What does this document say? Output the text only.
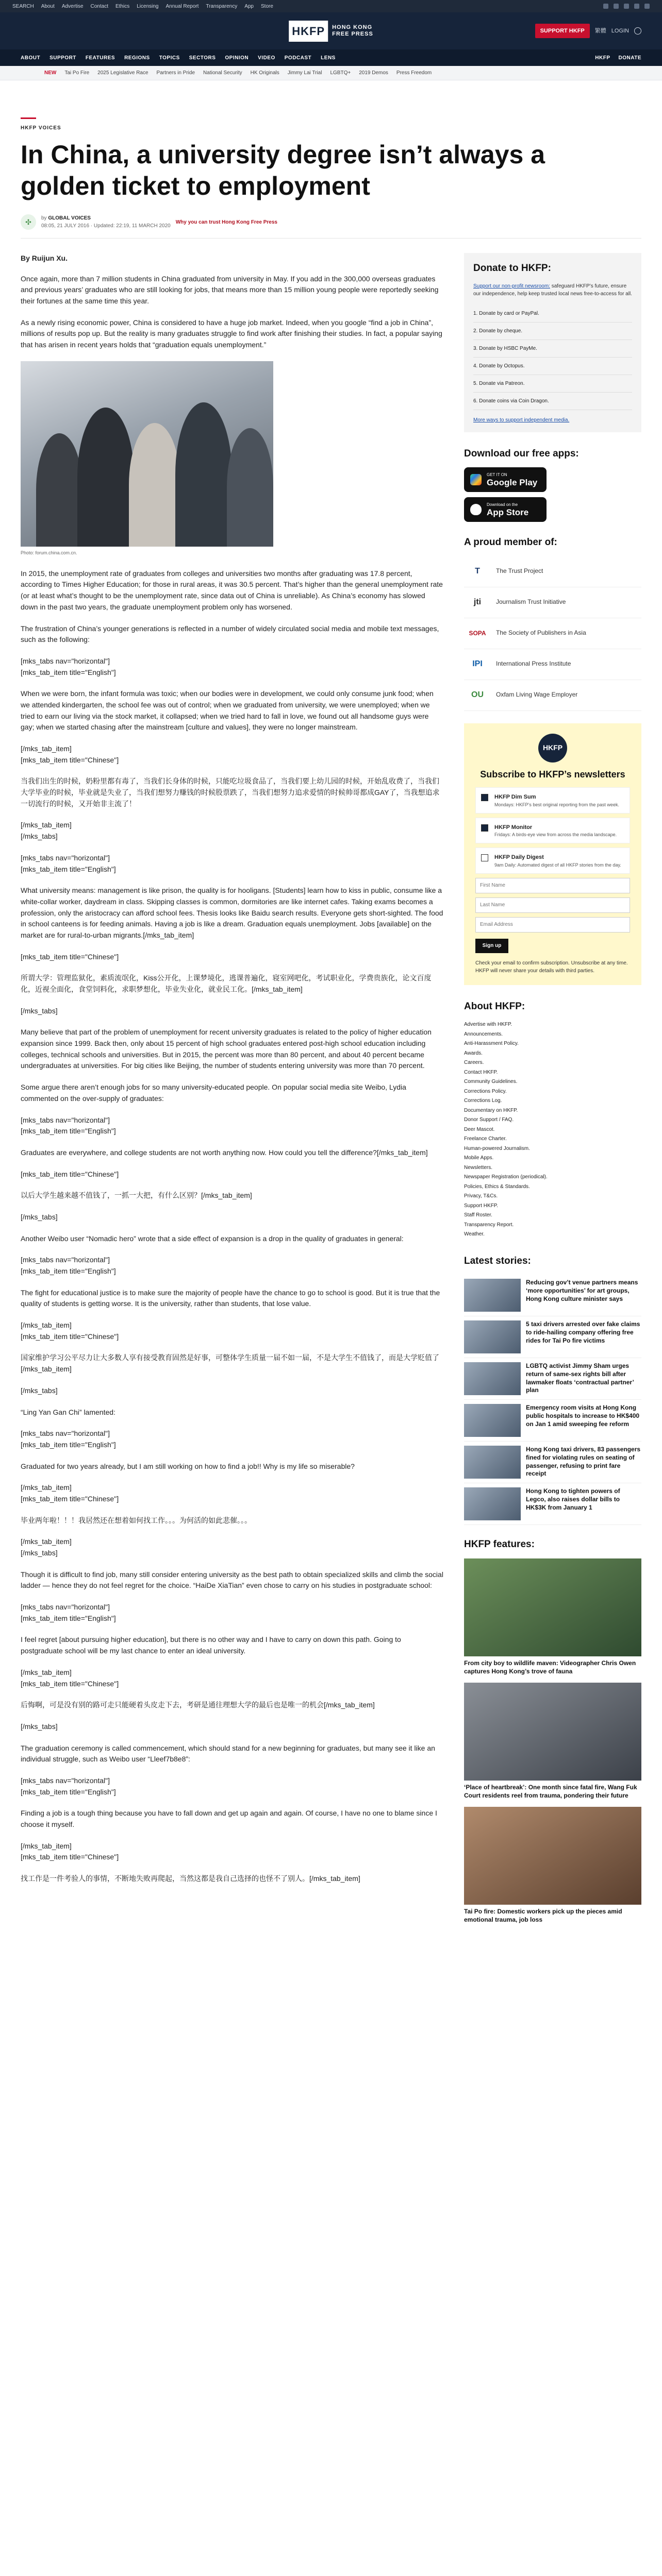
SEARCH About Advertise Contact Ethics Licensing Annual Report Transparency App Store
HKFP	HONG KONG
FREE PRESS
SUPPORT HKFP	繁體 LOGIN
ABOUT SUPPORT FEATURES REGIONS TOPICS SECTORS OPINION VIDEO PODCAST LENS	HKFP DONATE
NEW Tai Po Fire 2025 Legislative Race Partners in Pride National Security HK Originals Jimmy Lai Trial LGBTQ+ 2019 Demos Press Freedom
HKFP VOICES
In China, a university degree isn’t always a golden ticket to employment
✣	by GLOBAL VOICES
08:05, 21 JULY 2016 · Updated: 22:19, 11 MARCH 2020
Why you can trust Hong Kong Free Press

By Ruijun Xu.

Once again, more than 7 million students in China graduated from university in May. If you add in the 300,000 overseas graduates and previous years’ graduates who are still looking for jobs, that means more than 15 million young people were reportedly seeking their fortunes at the same time this year.

As a newly rising economic power, China is considered to have a huge job market. Indeed, when you google “find a job in China”, millions of results pop up. But the reality is many graduates struggle to find work after finishing their studies. In fact, a popular saying that has arisen in recent years holds that “graduation equals unemployment.”

Photo: forum.china.com.cn.

In 2015, the unemployment rate of graduates from colleges and universities two months after graduating was 17.8 percent, according to Times Higher Education; for those in rural areas, it was 30.5 percent. That’s higher than the general unemployment rate (or at least what’s thought to be the unemployment rate, since data out of China is unreliable). As China’s economy has slowed down in the past two years, the graduate unemployment problem only has worsened.

The frustration of China’s younger generations is reflected in a number of widely circulated social media and mobile text messages, such as the following:

[mks_tabs nav="horizontal"]
[mks_tab_item title="English"]

When we were born, the infant formula was toxic; when our bodies were in development, we could only consume junk food; when we attended kindergarten, the school fee was out of control; when we graduated from university, we were unemployed; when we tried to earn our living via the stock market, it collapsed; when we tried hard to fall in love, we found out all handsome guys were gay; when we started chasing after the mainstream [culture and values], they were no longer mainstream.

[/mks_tab_item]
[mks_tab_item title="Chinese"]

当我们出生的时候，奶粉里都有毒了，当我们长身体的时候，只能吃垃圾食品了，当我们要上幼儿园的时候，开始乱收费了，当我们大学毕业的时候，毕业就是失业了，当我们想努力赚钱的时候股票跌了，当我们想努力追求爱情的时候帅哥都成GAY了，当我想追求一切流行的时候，又开始非主流了！

[/mks_tab_item]
[/mks_tabs]

[mks_tabs nav="horizontal"]
[mks_tab_item title="English"]

What university means: management is like prison, the quality is for hooligans. [Students] learn how to kiss in public, consume like a white-collar worker, daydream in class. Skipping classes is common, dormitories are like internet cafes. Taking exams becomes a profession, only the aristocracy can afford school fees. Thesis looks like Baidu search results. Everyone gets short-sighted. The food in school canteens is for feeding animals. Having a job is like a dream. Graduation equals unemployment. Jobs [available] on the market are for rural-to-urban migrants.[/mks_tab_item]

[mks_tab_item title="Chinese"]

所谓大学：管理监狱化，素质流氓化，Kiss公开化，上课梦境化，逃课普遍化，寝室网吧化，考试职业化，学费贵族化，论文百度化，近视全面化，食堂饲料化，求职梦想化，毕业失业化，就业民工化。[/mks_tab_item]

[/mks_tabs]

Many believe that part of the problem of unemployment for recent university graduates is related to the policy of higher education expansion since 1999. Back then, only about 15 percent of high school graduates entered post-high school education including colleges, technical schools and universities. But in 2015, the percent was more than 80 percent, and about 40 percent became undergraduates at universities. For big cities like Beijing, the number of students entering university was more than 70 percent.

Some argue there aren’t enough jobs for so many university-educated people. On popular social media site Weibo, Lydia commented on the over-supply of graduates:

[mks_tabs nav="horizontal"]
[mks_tab_item title="English"]

Graduates are everywhere, and college students are not worth anything now. How could you tell the difference?[/mks_tab_item]

[mks_tab_item title="Chinese"]

以后大学生越来越不值钱了，一抓一大把，有什么区别？[/mks_tab_item]

[/mks_tabs]

Another Weibo user “Nomadic hero” wrote that a side effect of expansion is a drop in the quality of graduates in general:

[mks_tabs nav="horizontal"]
[mks_tab_item title="English"]

The fight for educational justice is to make sure the majority of people have the chance to go to school is good. But it is true that the quality of students is getting worse. It is the university, rather than students, that lose value.

[/mks_tab_item]
[mks_tab_item title="Chinese"]

国家维护学习公平尽力让大多数人享有接受教育固然是好事，可整体学生质量一届不如一届，不是大学生不值钱了，而是大学贬值了[/mks_tab_item]

[/mks_tabs]

“Ling Yan Gan Chi” lamented:

[mks_tabs nav="horizontal"]
[mks_tab_item title="English"]

Graduated for two years already, but I am still working on how to find a job!! Why is my life so miserable?

[/mks_tab_item]
[mks_tab_item title="Chinese"]

毕业两年啦！！！我居然还在想着如何找工作。。。为何活的如此悲催。。。

[/mks_tab_item]
[/mks_tabs]

Though it is difficult to find job, many still consider entering university as the best path to obtain specialized skills and climb the social ladder — hence they do not feel regret for the choice. “HaiDe XiaTian” even chose to carry on his studies in postgraduate school:

[mks_tabs nav="horizontal"]
[mks_tab_item title="English"]

I feel regret [about pursuing higher education], but there is no other way and I have to carry on down this path. Going to postgraduate school will be my last chance to enter an ideal university.

[/mks_tab_item]
[mks_tab_item title="Chinese"]

后悔啊，可是没有别的路可走只能硬着头皮走下去，考研是通往理想大学的最后也是唯一的机会[/mks_tab_item]

[/mks_tabs]

The graduation ceremony is called commencement, which should stand for a new beginning for graduates, but many see it like an individual struggle, such as Weibo user “Lleef7b8e8”:

[mks_tabs nav="horizontal"]
[mks_tab_item title="English"]

Finding a job is a tough thing because you have to fall down and get up again and again. Of course, I have no one to blame since I choose it myself.

[/mks_tab_item]
[mks_tab_item title="Chinese"]

找工作是一件考验人的事情，不断地失败再爬起，当然这都是我自己选择的也怪不了别人。[/mks_tab_item]

Donate to HKFP:
Support our non-profit newsroom: safeguard HKFP’s future, ensure our independence, help keep trusted local news free-to-access for all.
1. Donate by card or PayPal.
2. Donate by cheque.
3. Donate by HSBC PayMe.
4. Donate by Octopus.
5. Donate via Patreon.
6. Donate coins via Coin Dragon.
More ways to support independent media.
Download our free apps:
GET IT ON
Google Play
Download on the
App Store
A proud member of:
T	The Trust Project
jti	Journalism Trust Initiative
SOPA	The Society of Publishers in Asia
IPI	International Press Institute
OU	Oxfam Living Wage Employer
HKFP
Subscribe to HKFP’s newsletters
HKFP Dim Sum
Mondays: HKFP’s best original reporting from the past week.
HKFP Monitor
Fridays: A birds-eye view from across the media landscape.
HKFP Daily Digest
9am Daily: Automated digest of all HKFP stories from the day.
First Name Last Name Email Address
Sign up
Check your email to confirm subscription. Unsubscribe at any time. HKFP will never share your details with third parties.
About HKFP:
Advertise with HKFP.
Announcements.
Anti-Harassment Policy.
Awards.
Careers.
Contact HKFP.
Community Guidelines.
Corrections Policy.
Corrections Log.
Documentary on HKFP.
Donor Support / FAQ.
Deer Mascot.
Freelance Charter.
Human-powered Journalism.
Mobile Apps.
Newsletters.
Newspaper Registration (periodical).
Policies, Ethics & Standards.
Privacy, T&Cs.
Support HKFP.
Staff Roster.
Transparency Report.
Weather.
Latest stories:
Reducing gov’t venue partners means ‘more opportunities’ for art groups, Hong Kong culture minister says
5 taxi drivers arrested over fake claims to ride-hailing company offering free rides for Tai Po fire victims
LGBTQ activist Jimmy Sham urges return of same-sex rights bill after lawmaker floats ‘contractual partner’ plan
Emergency room visits at Hong Kong public hospitals to increase to HK$400 on Jan 1 amid sweeping fee reform
Hong Kong taxi drivers, 83 passengers fined for violating rules on seating of passenger, refusing to print fare receipt
Hong Kong to tighten powers of Legco, also raises dollar bills to HK$3K from January 1
HKFP features:
From city boy to wildlife maven: Videographer Chris Owen captures Hong Kong’s trove of fauna
‘Place of heartbreak’: One month since fatal fire, Wang Fuk Court residents reel from trauma, pondering their future
Tai Po fire: Domestic workers pick up the pieces amid emotional trauma, job loss
